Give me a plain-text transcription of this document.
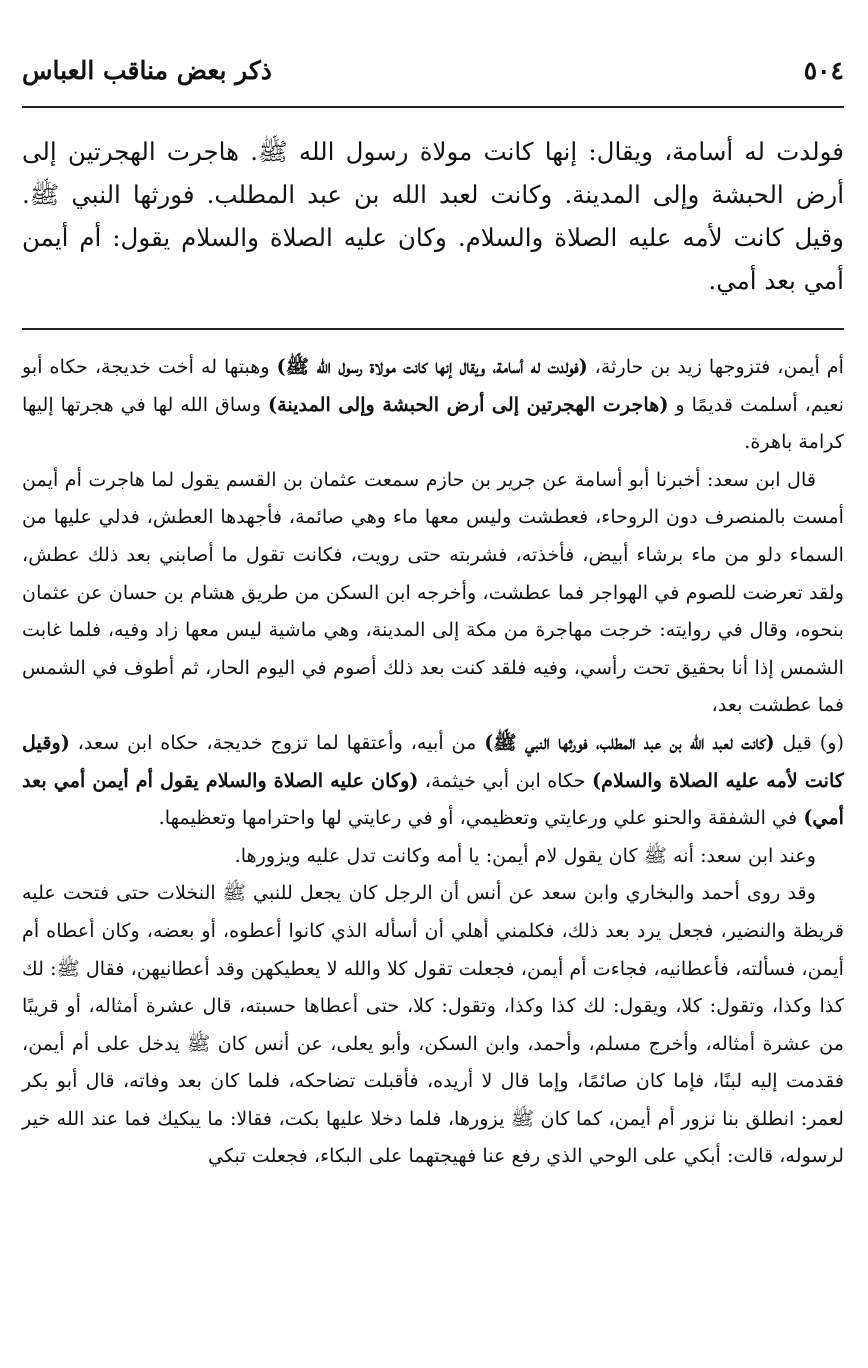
٥٠٤
ذكر بعض مناقب العباس
فولدت له أسامة، ويقال: إنها كانت مولاة رسول الله ﷺ. هاجرت الهجرتين إلى أرض الحبشة وإلى المدينة. وكانت لعبد الله بن عبد المطلب. فورثها النبي ﷺ. وقيل كانت لأمه عليه الصلاة والسلام. وكان عليه الصلاة والسلام يقول: أم أيمن أمي بعد أمي.

أم أيمن، فتزوجها زيد بن حارثة، (فولدت له أسامة، ويقال إنها كانت مولاة رسول الله ﷺ) وهبتها له أخت خديجة، حكاه أبو نعيم، أسلمت قديمًا و (هاجرت الهجرتين إلى أرض الحبشة وإلى المدينة) وساق الله لها في هجرتها إليها كرامة باهرة.

قال ابن سعد: أخبرنا أبو أسامة عن جرير بن حازم سمعت عثمان بن القسم يقول لما هاجرت أم أيمن أمست بالمنصرف دون الروحاء، فعطشت وليس معها ماء وهي صائمة، فأجهدها العطش، فدلي عليها من السماء دلو من ماء برشاء أبيض، فأخذته، فشربته حتى رويت، فكانت تقول ما أصابني بعد ذلك عطش، ولقد تعرضت للصوم في الهواجر فما عطشت، وأخرجه ابن السكن من طريق هشام بن حسان عن عثمان بنحوه، وقال في روايته: خرجت مهاجرة من مكة إلى المدينة، وهي ماشية ليس معها زاد وفيه، فلما غابت الشمس إذا أنا بحقيق تحت رأسي، وفيه فلقد كنت بعد ذلك أصوم في اليوم الحار، ثم أطوف في الشمس فما عطشت بعد،

(و) قيل (كانت لعبد الله بن عبد المطلب، فورثها النبي ﷺ) من أبيه، وأعتقها لما تزوج خديجة، حكاه ابن سعد، (وقيل كانت لأمه عليه الصلاة والسلام) حكاه ابن أبي خيثمة، (وكان عليه الصلاة والسلام يقول أم أيمن أمي بعد أمي) في الشفقة والحنو علي ورعايتي وتعظيمي، أو في رعايتي لها واحترامها وتعظيمها.

وعند ابن سعد: أنه ﷺ كان يقول لام أيمن: يا أمه وكانت تدل عليه ويزورها.

وقد روى أحمد والبخاري وابن سعد عن أنس أن الرجل كان يجعل للنبي ﷺ النخلات حتى فتحت عليه قريظة والنضير، فجعل يرد بعد ذلك، فكلمني أهلي أن أسأله الذي كانوا أعطوه، أو بعضه، وكان أعطاه أم أيمن، فسألته، فأعطانيه، فجاءت أم أيمن، فجعلت تقول كلا والله لا يعطيكهن وقد أعطانيهن، فقال ﷺ: لك كذا وكذا، وتقول: كلا، ويقول: لك كذا وكذا، وتقول: كلا، حتى أعطاها حسبته، قال عشرة أمثاله، أو قريبًا من عشرة أمثاله، وأخرج مسلم، وأحمد، وابن السكن، وأبو يعلى، عن أنس كان ﷺ يدخل على أم أيمن، فقدمت إليه لبنًا، فإما كان صائمًا، وإما قال لا أريده، فأقبلت تضاحكه، فلما كان بعد وفاته، قال أبو بكر لعمر: انطلق بنا نزور أم أيمن، كما كان ﷺ يزورها، فلما دخلا عليها بكت، فقالا: ما يبكيك فما عند الله خير لرسوله، قالت: أبكي على الوحي الذي رفع عنا فهيجتهما على البكاء، فجعلت تبكي
